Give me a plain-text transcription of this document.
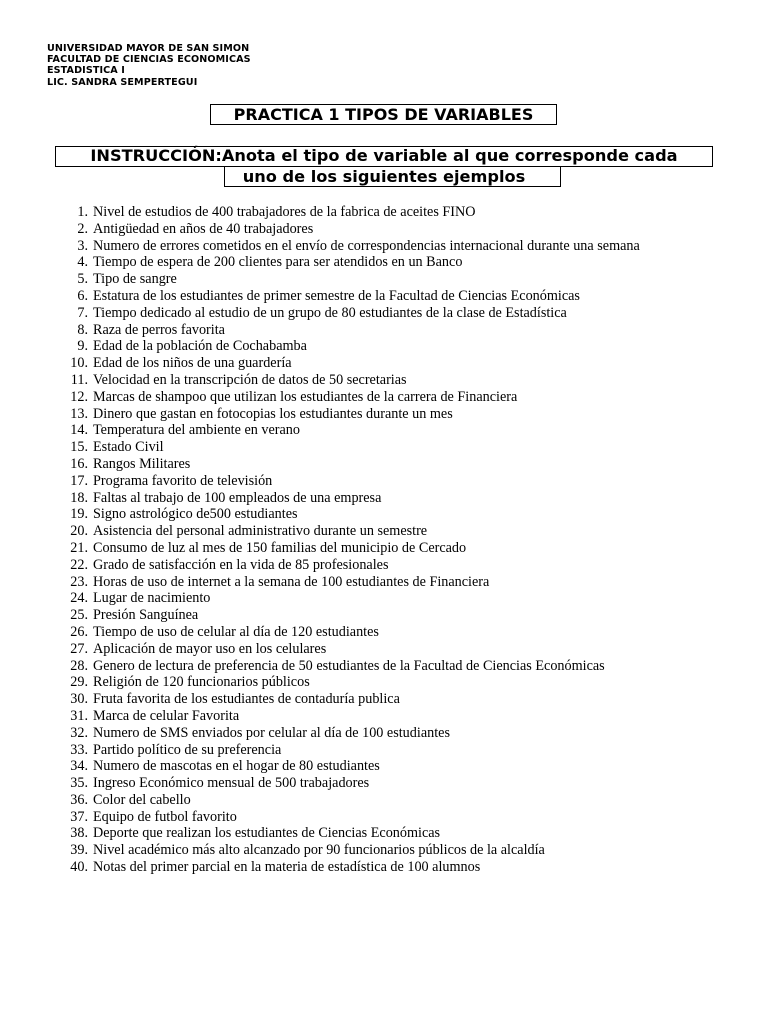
UNIVERSIDAD MAYOR DE SAN SIMON
FACULTAD DE CIENCIAS ECONOMICAS
ESTADISTICA I
LIC. SANDRA SEMPERTEGUI
PRACTICA 1 TIPOS DE VARIABLES
INSTRUCCIÓN:Anota el tipo de variable al que corresponde cada
uno de los siguientes ejemplos
1. Nivel de estudios de 400 trabajadores de la fabrica de aceites FINO
2. Antigüedad en años de 40 trabajadores
3. Numero de errores cometidos en el envío de correspondencias internacional durante una semana
4. Tiempo de espera de 200 clientes para ser atendidos en un Banco
5. Tipo de sangre
6. Estatura de los estudiantes de primer semestre de la Facultad de Ciencias Económicas
7. Tiempo dedicado al estudio de un grupo de 80 estudiantes de la clase de Estadística
8. Raza de perros favorita
9. Edad de la población de Cochabamba
10. Edad de los niños de una guardería
11. Velocidad en la transcripción de datos de 50 secretarias
12. Marcas de shampoo que utilizan los estudiantes de la carrera de Financiera
13. Dinero que gastan en fotocopias los estudiantes durante un mes
14. Temperatura del ambiente en verano
15. Estado Civil
16. Rangos Militares
17. Programa favorito de televisión
18. Faltas al trabajo de 100 empleados de una empresa
19. Signo astrológico de500 estudiantes
20. Asistencia del personal administrativo durante un semestre
21. Consumo de luz al mes de 150 familias del municipio de Cercado
22. Grado de satisfacción en la vida de 85 profesionales
23. Horas de uso de internet a la semana de 100 estudiantes de Financiera
24. Lugar de nacimiento
25. Presión Sanguínea
26. Tiempo de uso de celular al día de 120 estudiantes
27. Aplicación de mayor uso en los celulares
28. Genero de lectura de preferencia de 50 estudiantes de la Facultad de Ciencias Económicas
29. Religión de 120 funcionarios públicos
30. Fruta favorita de los estudiantes de contaduría publica
31. Marca de celular Favorita
32. Numero de SMS enviados por celular al día de 100 estudiantes
33. Partido político de su preferencia
34. Numero de mascotas en el hogar de 80 estudiantes
35. Ingreso Económico mensual de 500 trabajadores
36. Color del cabello
37. Equipo de futbol favorito
38. Deporte que realizan los estudiantes de Ciencias Económicas
39. Nivel académico más alto alcanzado por 90 funcionarios públicos de la alcaldía
40. Notas del primer parcial en la materia de estadística de 100 alumnos
